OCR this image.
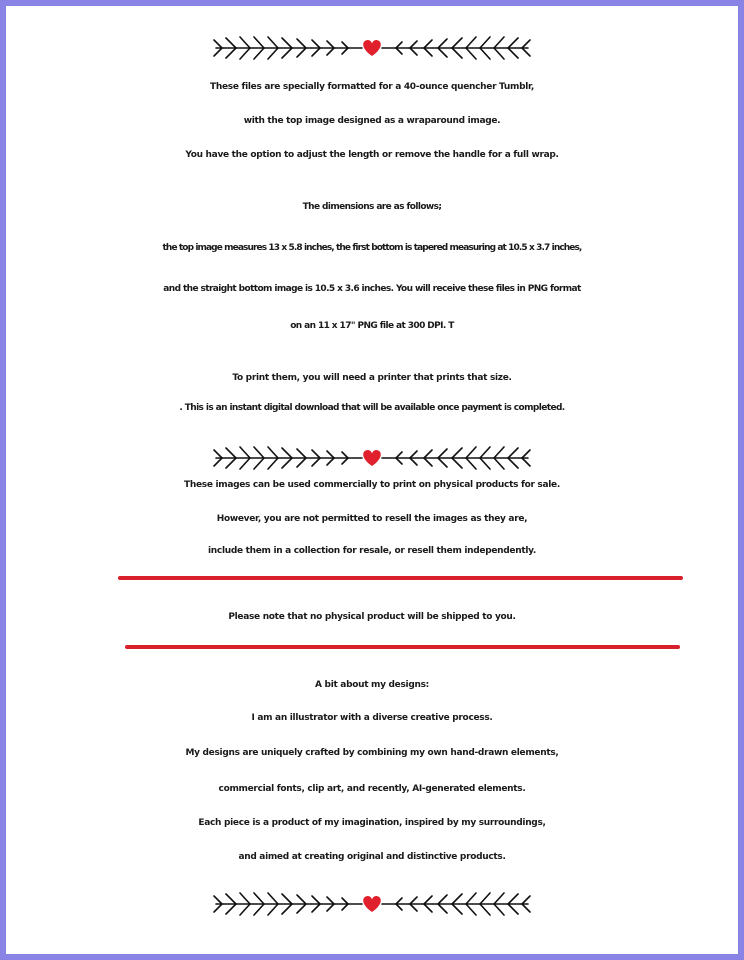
These files are specially formatted for a 40-ounce quencher Tumblr,
with the top image designed as a wraparound image.
You have the option to adjust the length or remove the handle for a full wrap.
The dimensions are as follows;
the top image measures 13 x 5.8 inches, the first bottom is tapered measuring at 10.5 x 3.7 inches,
and the straight bottom image is 10.5 x 3.6 inches. You will receive these files in PNG format
on an 11 x 17" PNG file at 300 DPI. T
To print them, you will need a printer that prints that size.
. This is an instant digital download that will be available once payment is completed.
These images can be used commercially to print on physical products for sale.
However, you are not permitted to resell the images as they are,
include them in a collection for resale, or resell them independently.
Please note that no physical product will be shipped to you.
A bit about my designs:
I am an illustrator with a diverse creative process.
My designs are uniquely crafted by combining my own hand-drawn elements,
commercial fonts, clip art, and recently, AI-generated elements.
Each piece is a product of my imagination, inspired by my surroundings,
and aimed at creating original and distinctive products.
